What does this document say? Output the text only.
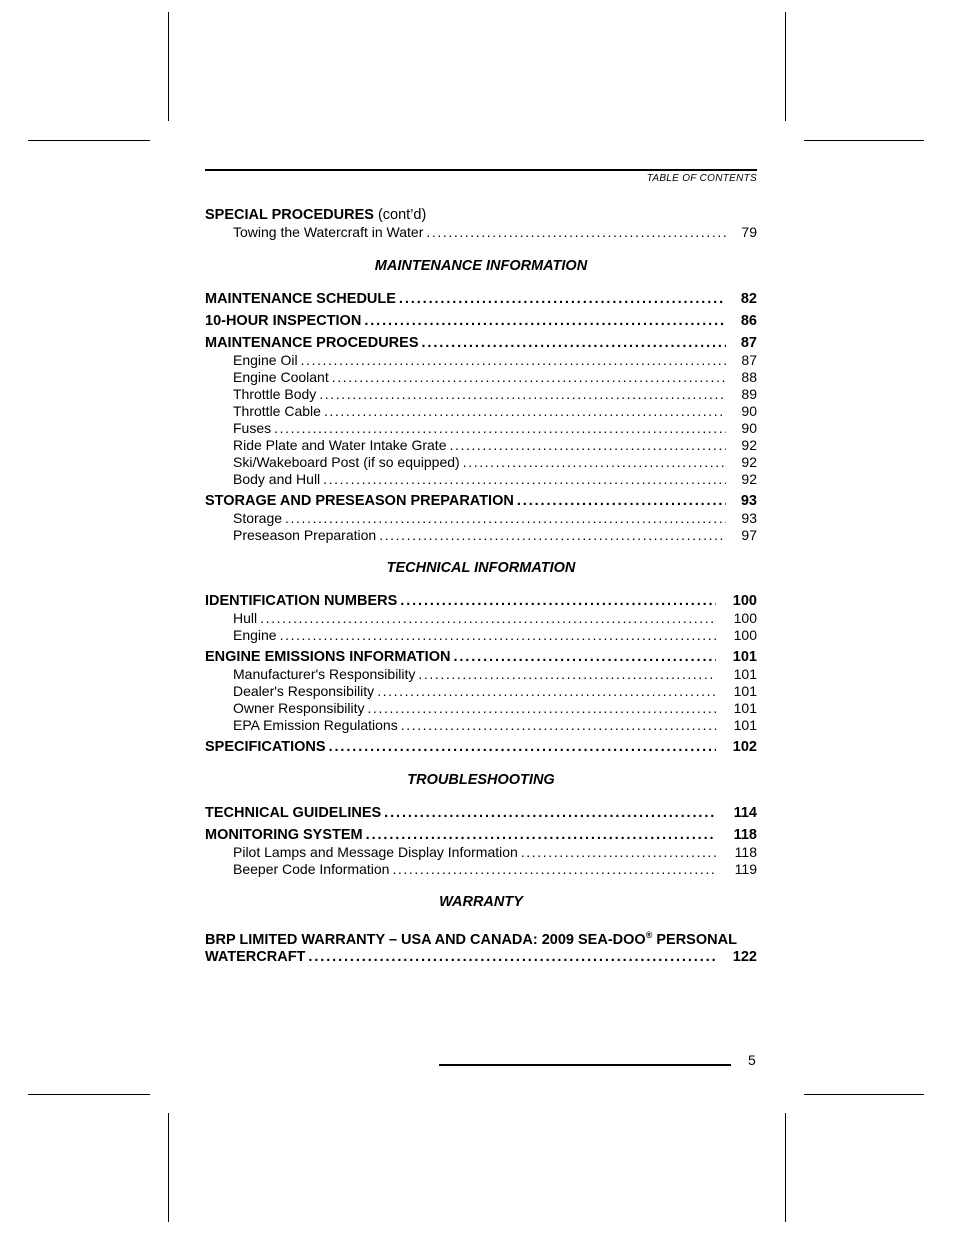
TABLE OF CONTENTS
SPECIAL PROCEDURES (cont’d)
Towing the Watercraft in Water .....	79
MAINTENANCE INFORMATION
MAINTENANCE SCHEDULE .....	82
10-HOUR INSPECTION .....	86
MAINTENANCE PROCEDURES .....	87
Engine Oil .....	87
Engine Coolant .....	88
Throttle Body .....	89
Throttle Cable .....	90
Fuses .....	90
Ride Plate and Water Intake Grate .....	92
Ski/Wakeboard Post (if so equipped) .....	92
Body and Hull .....	92
STORAGE AND PRESEASON PREPARATION .....	93
Storage .....	93
Preseason Preparation .....	97
TECHNICAL INFORMATION
IDENTIFICATION NUMBERS .....	100
Hull .....	100
Engine .....	100
ENGINE EMISSIONS INFORMATION .....	101
Manufacturer's Responsibility .....	101
Dealer's Responsibility .....	101
Owner Responsibility .....	101
EPA Emission Regulations .....	101
SPECIFICATIONS .....	102
TROUBLESHOOTING
TECHNICAL GUIDELINES .....	114
MONITORING SYSTEM .....	118
Pilot Lamps and Message Display Information .....	118
Beeper Code Information .....	119
WARRANTY
BRP LIMITED WARRANTY – USA AND CANADA: 2009 SEA-DOO® PERSONAL
WATERCRAFT .....	122
5
